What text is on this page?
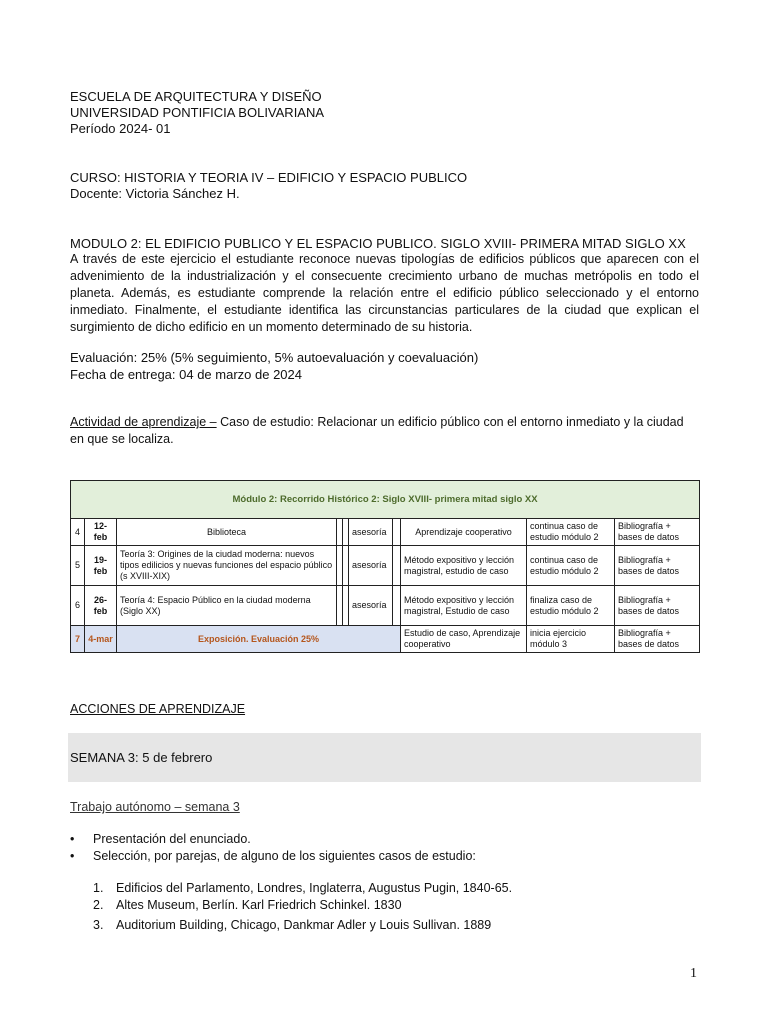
ESCUELA DE ARQUITECTURA Y DISEÑO
UNIVERSIDAD PONTIFICIA BOLIVARIANA
Período 2024- 01
CURSO: HISTORIA Y TEORIA IV – EDIFICIO Y ESPACIO PUBLICO
Docente: Victoria Sánchez H.
MODULO 2: EL EDIFICIO PUBLICO Y EL ESPACIO PUBLICO. SIGLO XVIII- PRIMERA MITAD SIGLO XX
A través de este ejercicio el estudiante reconoce nuevas tipologías de edificios públicos que aparecen con el advenimiento de la industrialización y el consecuente crecimiento urbano de muchas metrópolis en todo el planeta. Además, es estudiante comprende la relación entre el edificio público seleccionado y el entorno inmediato. Finalmente, el estudiante identifica las circunstancias particulares de la ciudad que explican el surgimiento de dicho edificio en un momento determinado de su historia.
Evaluación: 25% (5% seguimiento, 5% autoevaluación y coevaluación)
Fecha de entrega: 04 de marzo de 2024
Actividad de aprendizaje – Caso de estudio: Relacionar un edificio público con el entorno inmediato y la ciudad en que se localiza.
Módulo 2: Recorrido Histórico 2: Siglo XVIII- primera mitad siglo XX									
4	12-feb	Biblioteca			asesoría		Aprendizaje cooperativo	continua caso de estudio módulo 2	Bibliografía + bases de datos
5	19-feb	Teoría 3: Origines de la ciudad moderna: nuevos tipos edilicios y nuevas funciones del espacio público (s XVIII-XIX)			asesoría		Método expositivo y lección magistral, estudio de caso	continua caso de estudio módulo 2	Bibliografía + bases de datos
6	26-feb	Teoría 4: Espacio Público en la ciudad moderna (Siglo XX)			asesoría		Método expositivo y lección magistral, Estudio de caso	finaliza caso de estudio módulo 2	Bibliografía + bases de datos
7	4-mar	Exposición. Evaluación 25%					Estudio de caso, Aprendizaje cooperativo	inicia ejercicio módulo 3	Bibliografía + bases de datos
ACCIONES DE APRENDIZAJE
SEMANA 3: 5 de febrero
Trabajo autónomo – semana 3
• Presentación del enunciado.
• Selección, por parejas, de alguno de los siguientes casos de estudio:
1. Edificios del Parlamento, Londres, Inglaterra, Augustus Pugin, 1840-65.
2. Altes Museum, Berlín. Karl Friedrich Schinkel. 1830
3. Auditorium Building, Chicago, Dankmar Adler y Louis Sullivan. 1889
1
